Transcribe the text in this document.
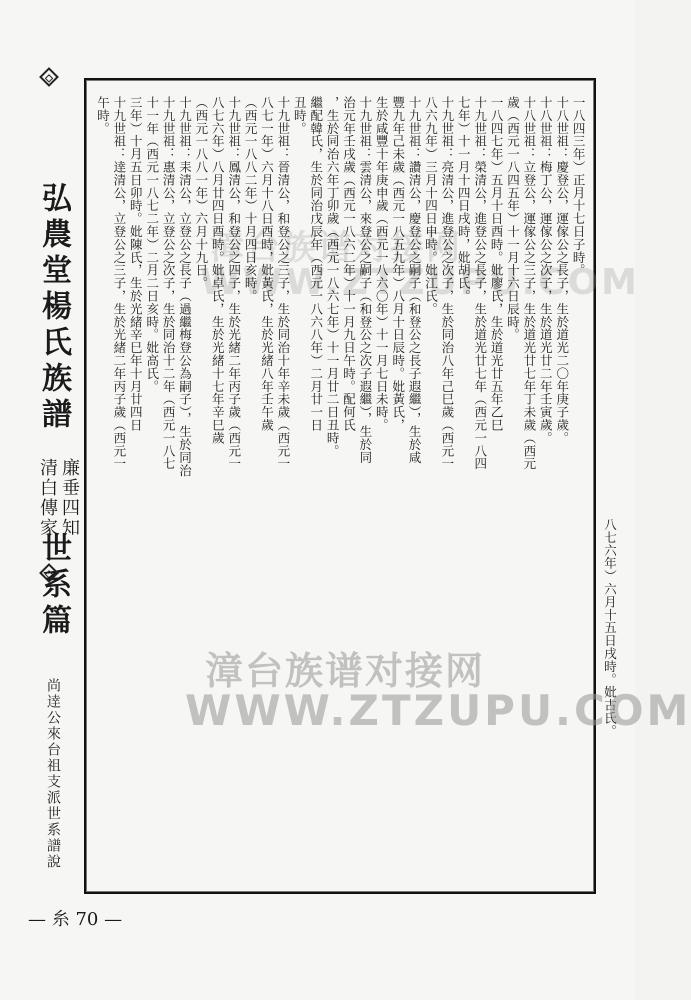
弘農堂楊氏族譜
廉垂四知
清白傳家
世系篇
尚逹公來台祖支派世系譜說
漳台族谱对接网
WWW.ZTZUPU.COM
一八四三年）正月十七日子時。
十八世祖：慶登公，運傢公之長子，生於道光二〇年庚子歲。
十八世祖：梅丁公，運傢公之次子，生於道光廿二年壬寅歲。
十八世祖：立登公，運傢公之三子，生於道光廿七年丁未歲（西元
歲（西元一八四五年）十一月十六日辰時。
一八四七年）五月十日酉時。妣廖氏，生於道光廿五年乙巳
十九世祖：榮清公，進登公之長子，生於道光廿七年（西元一八四
七年）十一月十四日戌時，妣胡氏。
十九世祖：亮清公，進登公之次子，生於同治八年己巳歲（西元一
八六九年）三月十四日申時。妣江氏。
十九世祖：讚清公，慶登公之嗣子（和登公之長子遐繼），生於咸
豐九年己未歲（西元一八五九年）八月十日辰時。妣黃氏，
生於咸豐十年庚申歲（西元一八六〇年）十一月七日未時。
十九世祖：雲清公，來登公之嗣子（和登公之次子遐繼），生於同
治元年壬戌歲（西元一八六二年）十一月九日午時。配何氏
，生於同治六年丁卯歲（西元一八六七年）十一月廿二日丑時。
繼配韓氏，生於同治戊辰年（西元一八六八年）二月廿一日
丑時。
十九世祖：晉清公，和登公之三子，生於同治十年辛未歲（西元一
八七一年）六月十八日酉時，妣黃氏，生於光緒八年壬午歲
（西元一八八二年）十月四日亥時。
十九世祖：鳳清公，和登公之四子，生於光緒二年丙子歲（西元一
八七六年）八月廿四日酉時。妣卓氏，生於光緒十七年辛巳歲
（西元一八八一年）六月十九日。
十九世祖：耒清公，立登公之長子（過繼梅登公為嗣子），生於同治
十九世祖：惠清公，立登公之次子，生於同治十二年（西元一八七
十一年（西元一八七二年）二月二日亥時。妣高氏。
三年）十月五日卯時。妣陳氏，生於光緒辛巳年十月廿四日
十九世祖：逹清公，立登公之三子，生於光緒二年丙子歲（西元一
午時。
八七六年）六月十五日戌時。妣古氏。
漳台族谱对接网
WWW.ZTZUPU.COM
— 糸 70 —
